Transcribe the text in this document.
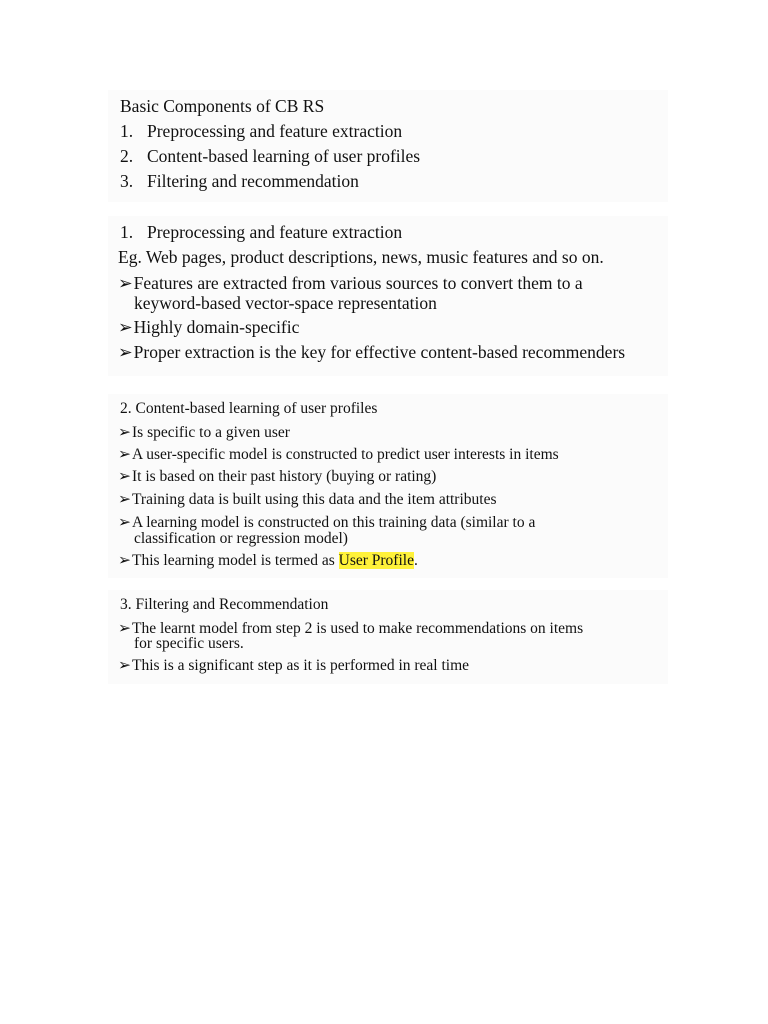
Basic Components of CB RS
1. Preprocessing and feature extraction
2. Content-based learning of user profiles
3. Filtering and recommendation
1. Preprocessing and feature extraction
Eg. Web pages, product descriptions, news, music features and so on.
➢Features are extracted from various sources to convert them to a
keyword-based vector-space representation
➢Highly domain-specific
➢Proper extraction is the key for effective content-based recommenders
2. Content-based learning of user profiles
➢Is specific to a given user
➢A user-specific model is constructed to predict user interests in items
➢It is based on their past history (buying or rating)
➢Training data is built using this data and the item attributes
➢A learning model is constructed on this training data (similar to a
classification or regression model)
➢This learning model is termed as User Profile.
3. Filtering and Recommendation
➢The learnt model from step 2 is used to make recommendations on items
for specific users.
➢This is a significant step as it is performed in real time
